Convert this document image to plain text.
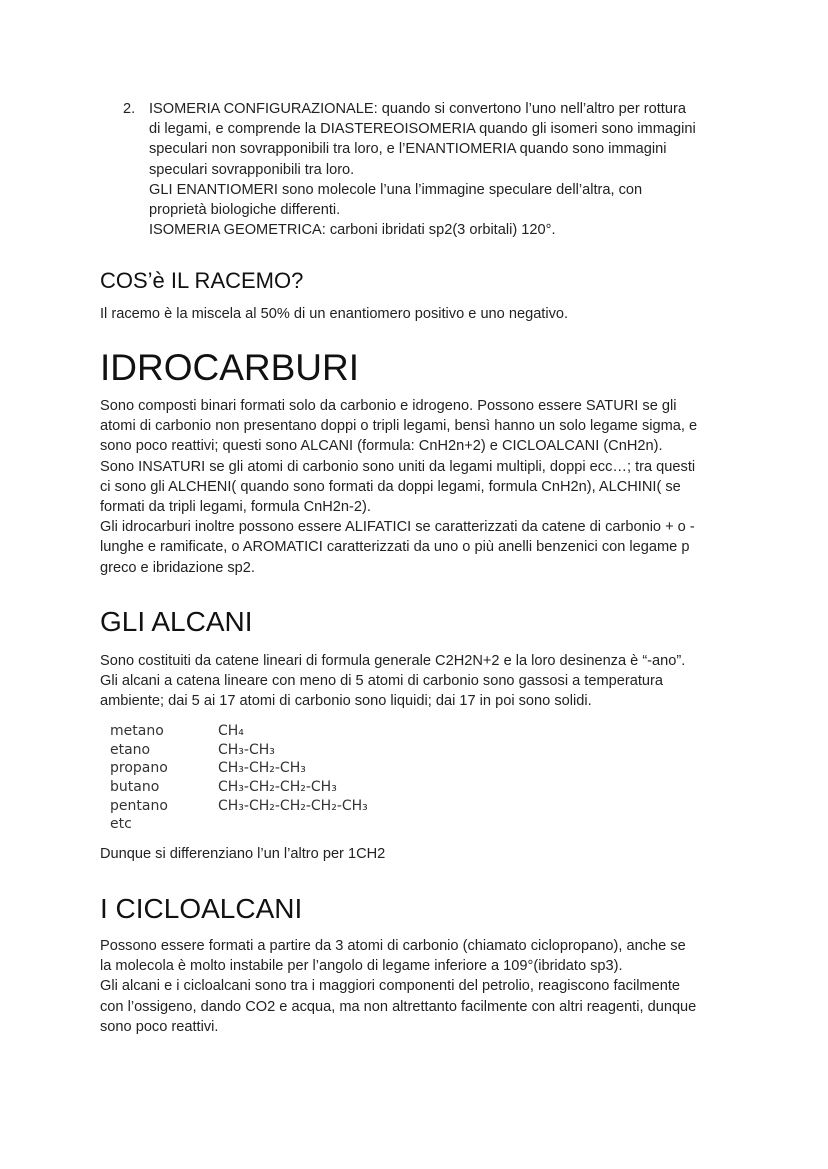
2. ISOMERIA CONFIGURAZIONALE: quando si convertono l’uno nell’altro per rottura
di legami, e comprende la DIASTEREOISOMERIA quando gli isomeri sono immagini
speculari non sovrapponibili tra loro, e l’ENANTIOMERIA quando sono immagini
speculari sovrapponibili tra loro.
GLI ENANTIOMERI sono molecole l’una l’immagine speculare dell’altra, con
proprietà biologiche differenti.
ISOMERIA GEOMETRICA: carboni ibridati sp2(3 orbitali) 120°.
COS’è IL RACEMO?
Il racemo è la miscela al 50% di un enantiomero positivo e uno negativo.
IDROCARBURI
Sono composti binari formati solo da carbonio e idrogeno. Possono essere SATURI se gli
atomi di carbonio non presentano doppi o tripli legami, bensì hanno un solo legame sigma, e
sono poco reattivi; questi sono ALCANI (formula: CnH2n+2) e CICLOALCANI (CnH2n).
Sono INSATURI se gli atomi di carbonio sono uniti da legami multipli, doppi ecc…; tra questi
ci sono gli ALCHENI( quando sono formati da doppi legami, formula CnH2n), ALCHINI( se
formati da tripli legami, formula CnH2n-2).
Gli idrocarburi inoltre possono essere ALIFATICI se caratterizzati da catene di carbonio + o -
lunghe e ramificate, o AROMATICI caratterizzati da uno o più anelli benzenici con legame p
greco e ibridazione sp2.
GLI ALCANI
Sono costituiti da catene lineari di formula generale C2H2N+2 e la loro desinenza è “-ano”.
Gli alcani a catena lineare con meno di 5 atomi di carbonio sono gassosi a temperatura
ambiente; dai 5 ai 17 atomi di carbonio sono liquidi; dai 17 in poi sono solidi.
metano	CH₄
etano	CH₃-CH₃
propano	CH₃-CH₂-CH₃
butano	CH₃-CH₂-CH₂-CH₃
pentano	CH₃-CH₂-CH₂-CH₂-CH₃
etc
Dunque si differenziano l’un l’altro per 1CH2
I CICLOALCANI
Possono essere formati a partire da 3 atomi di carbonio (chiamato ciclopropano), anche se
la molecola è molto instabile per l’angolo di legame inferiore a 109°(ibridato sp3).
Gli alcani e i cicloalcani sono tra i maggiori componenti del petrolio, reagiscono facilmente
con l’ossigeno, dando CO2 e acqua, ma non altrettanto facilmente con altri reagenti, dunque
sono poco reattivi.
